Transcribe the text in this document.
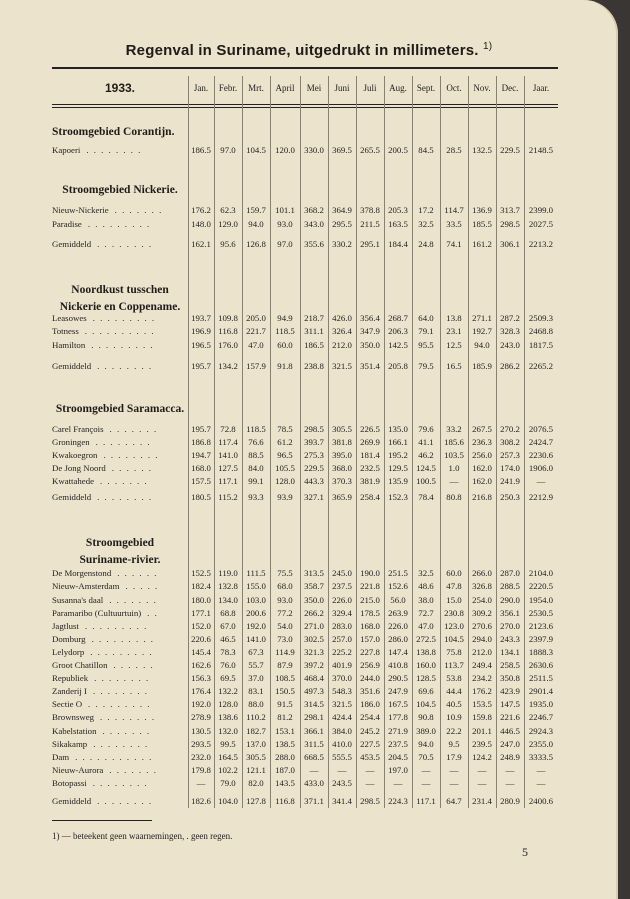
Regenval in Suriname, uitgedrukt in millimeters. $^{1)}$
1933.
1) — beteekent geen waarnemingen, . geen regen.
5
Jan.	Febr.	Mrt.	April	Mei	Juni	Juli	Aug.	Sept.	Oct.	Nov.	Dec.	Jaar.
Stroomgebied Corantijn.
Kapoeri . . . . . . . .	186.5	97.0	104.5	120.0	330.0 369.5 265.5 200.5	84.5	28.5	132.5 229.5	2148.5
Stroomgebied Nickerie.
Nieuw-Nickerie . . . . . . .	176.2	62.3	159.7	101.1	368.2 364.9 378.8 205.3	17.2	114.7 136.9 313.7	2399.0
Paradise . . . . . . . . .	148.0 129.0	94.0	93.0	343.0 295.5 211.5 163.5	32.5	33.5	185.5 298.5	2027.5
Gemiddeld . . . . . . . .	162.1	95.6	126.8	97.0	355.6 330.2 295.1 184.4	24.8	74.1	161.2 306.1	2213.2
Noordkust tusschen
Nickerie en Coppename.
Leasowes . . . . . . . . .	193.7 109.8 205.0	94.9	218.7 426.0 356.4 268.7	64.0	13.8	271.1 287.2	2509.3
Totness . . . . . . . . . .	196.9 116.8 221.7	118.5	311.1 326.4 347.9 206.3	79.1	23.1	192.7 328.3	2468.8
Hamilton . . . . . . . . .	196.5 176.0	47.0	60.0	186.5 212.0 350.0 142.5	95.5	12.5	94.0	243.0	1817.5
Gemiddeld . . . . . . . .	195.7 134.2 157.9	91.8	238.8 321.5 351.4 205.8	79.5	16.5	185.9 286.2	2265.2
Stroomgebied Saramacca.
Carel François . . . . . . .	195.7	72.8	118.5	78.5	298.5 305.5 226.5 135.0	79.6	33.2	267.5 270.2	2076.5
Groningen . . . . . . . .	186.8 117.4	76.6	61.2	393.7 381.8 269.9 166.1	41.1	185.6 236.3 308.2	2424.7
Kwakoegron . . . . . . . .	194.7 141.0	88.5	96.5	275.3 395.0 181.4 195.2	46.2	103.5 256.0 257.3	2230.6
De Jong Noord . . . . . .	168.0 127.5	84.0	105.5	229.5 368.0 232.5 129.5 124.5	1.0	162.0 174.0	1906.0
Kwattahede . . . . . . .	157.5 117.1	99.1	128.0	443.3 370.3 381.9 135.9 100.5	—	162.0 241.9	—
Gemiddeld . . . . . . . .	180.5 115.2	93.3	93.9	327.1 365.9 258.4 152.3	78.4	80.8	216.8 250.3	2212.9
Stroomgebied
Suriname-rivier.
De Morgenstond . . . . . .	152.5 119.0 111.5	75.5	313.5 245.0 190.0 251.5	32.5	60.0	266.0 287.0	2104.0
Nieuw-Amsterdam . . . . .	182.4 132.8 155.0	68.0	358.7 237.5 221.8 152.6	48.6	47.8	326.8 288.5	2220.5
Susanna's daal . . . . . . .	180.0 134.0 103.0	93.0	350.0 226.0 215.0	56.0	38.0	15.0	254.0 290.0	1954.0
Paramaribo (Cultuurtuin) . .	177.1	68.8	200.6	77.2	266.2 329.4 178.5 263.9	72.7	230.8 309.2 356.1	2530.5
Jagtlust . . . . . . . . .	152.0	67.0	192.0	54.0	271.0 283.0 168.0 226.0	47.0	123.0 270.6 270.0	2123.6
Domburg . . . . . . . . .	220.6	46.5	141.0	73.0	302.5 257.0 157.0 286.0 272.5 104.5 294.0 243.3	2397.9
Lelydorp . . . . . . . . .	145.4	78.3	67.3	114.9	321.3 225.2 227.8 147.4 138.8	75.8	212.0 134.1	1888.3
Groot Chatillon . . . . . .	162.6	76.0	55.7	87.9	397.2 401.9 256.9 410.8 160.0 113.7 249.4 258.5	2630.6
Republiek . . . . . . . .	156.3	69.5	37.0	108.5	468.4 370.0 244.0 290.5 128.5	53.8	234.2 350.8	2511.5
Zanderij I . . . . . . . .	176.4 132.2	83.1	150.5	497.3 548.3 351.6 247.9	69.6	44.4	176.2 423.9	2901.4
Sectie O . . . . . . . . .	192.0 128.0	88.0	91.5	314.5 321.5 186.0 167.5 104.5	40.5	153.5 147.5	1935.0
Brownsweg . . . . . . . .	278.9 138.6 110.2	81.2	298.1 424.4 254.4 177.8	90.8	10.9	159.8 221.6	2246.7
Kabelstation . . . . . . .	130.5 132.0 182.7	153.1	366.1 384.0 245.2 271.9 389.0	22.2	201.1 446.5	2924.3
Sikakamp . . . . . . . .	293.5	99.5	137.0	138.5	311.5 410.0 227.5 237.5	94.0	9.5	239.5 247.0	2355.0
Dam . . . . . . . . . . .	232.0 164.5 305.5	288.0	668.5 555.5 453.5 204.5	70.5	17.9	124.2 248.9	3333.5
Nieuw-Aurora . . . . . . .	179.8 102.2 121.1	187.0	—	—	—	197.0	—	—	—	—	—
Botopassi . . . . . . . .	—	79.0	82.0	143.5	433.0 243.5	—	—	—	—	—	—	—
Gemiddeld . . . . . . . .	182.6 104.0 127.8	116.8	371.1 341.4 298.5 224.3 117.1	64.7	231.4 280.9	2400.6
